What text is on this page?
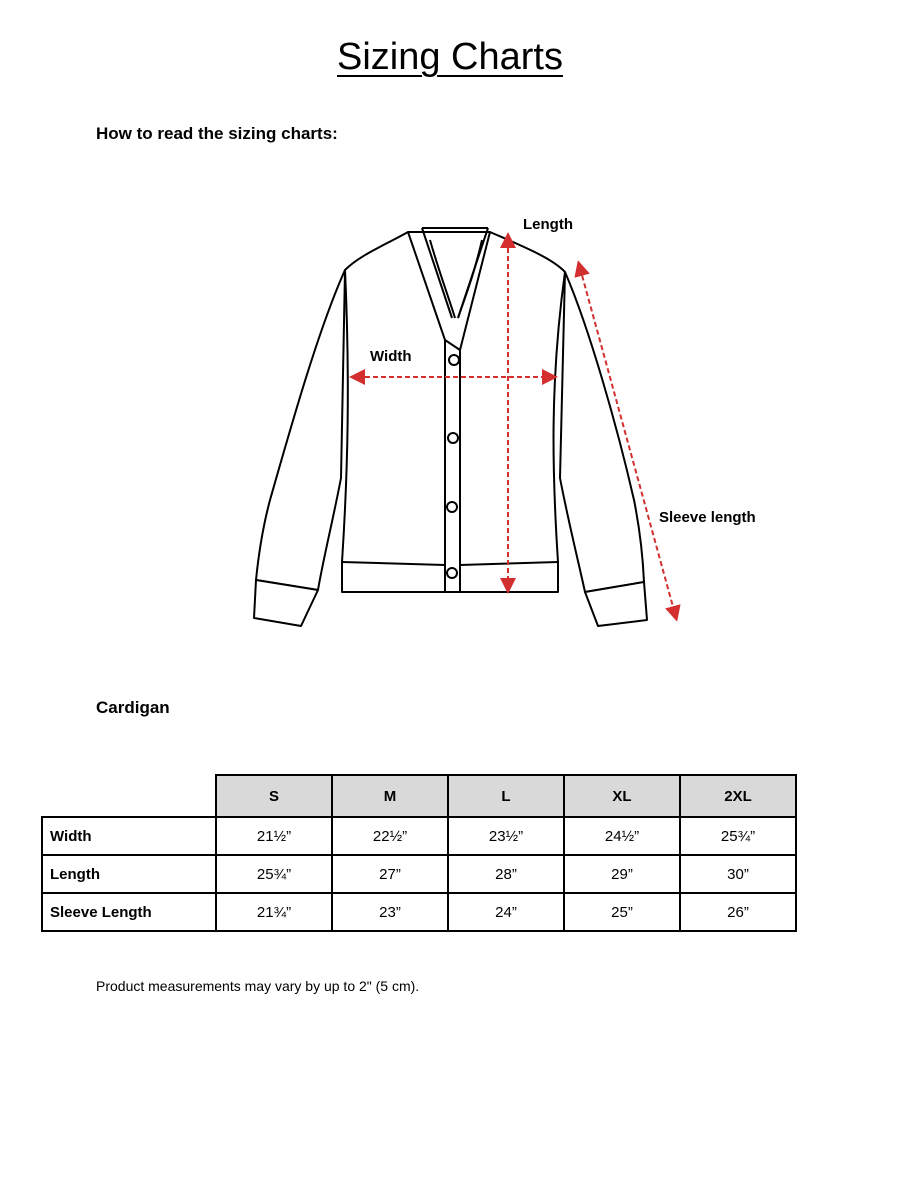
Sizing Charts
How to read the sizing charts:
Length
Width
Sleeve length
Cardigan
	S	M	L	XL	2XL
Width	21½”	22½”	23½”	24½”	25¾”
Length	25¾”	27”	28”	29”	30”
Sleeve Length	21¾”	23”	24”	25”	26”

Product measurements may vary by up to 2" (5 cm).
